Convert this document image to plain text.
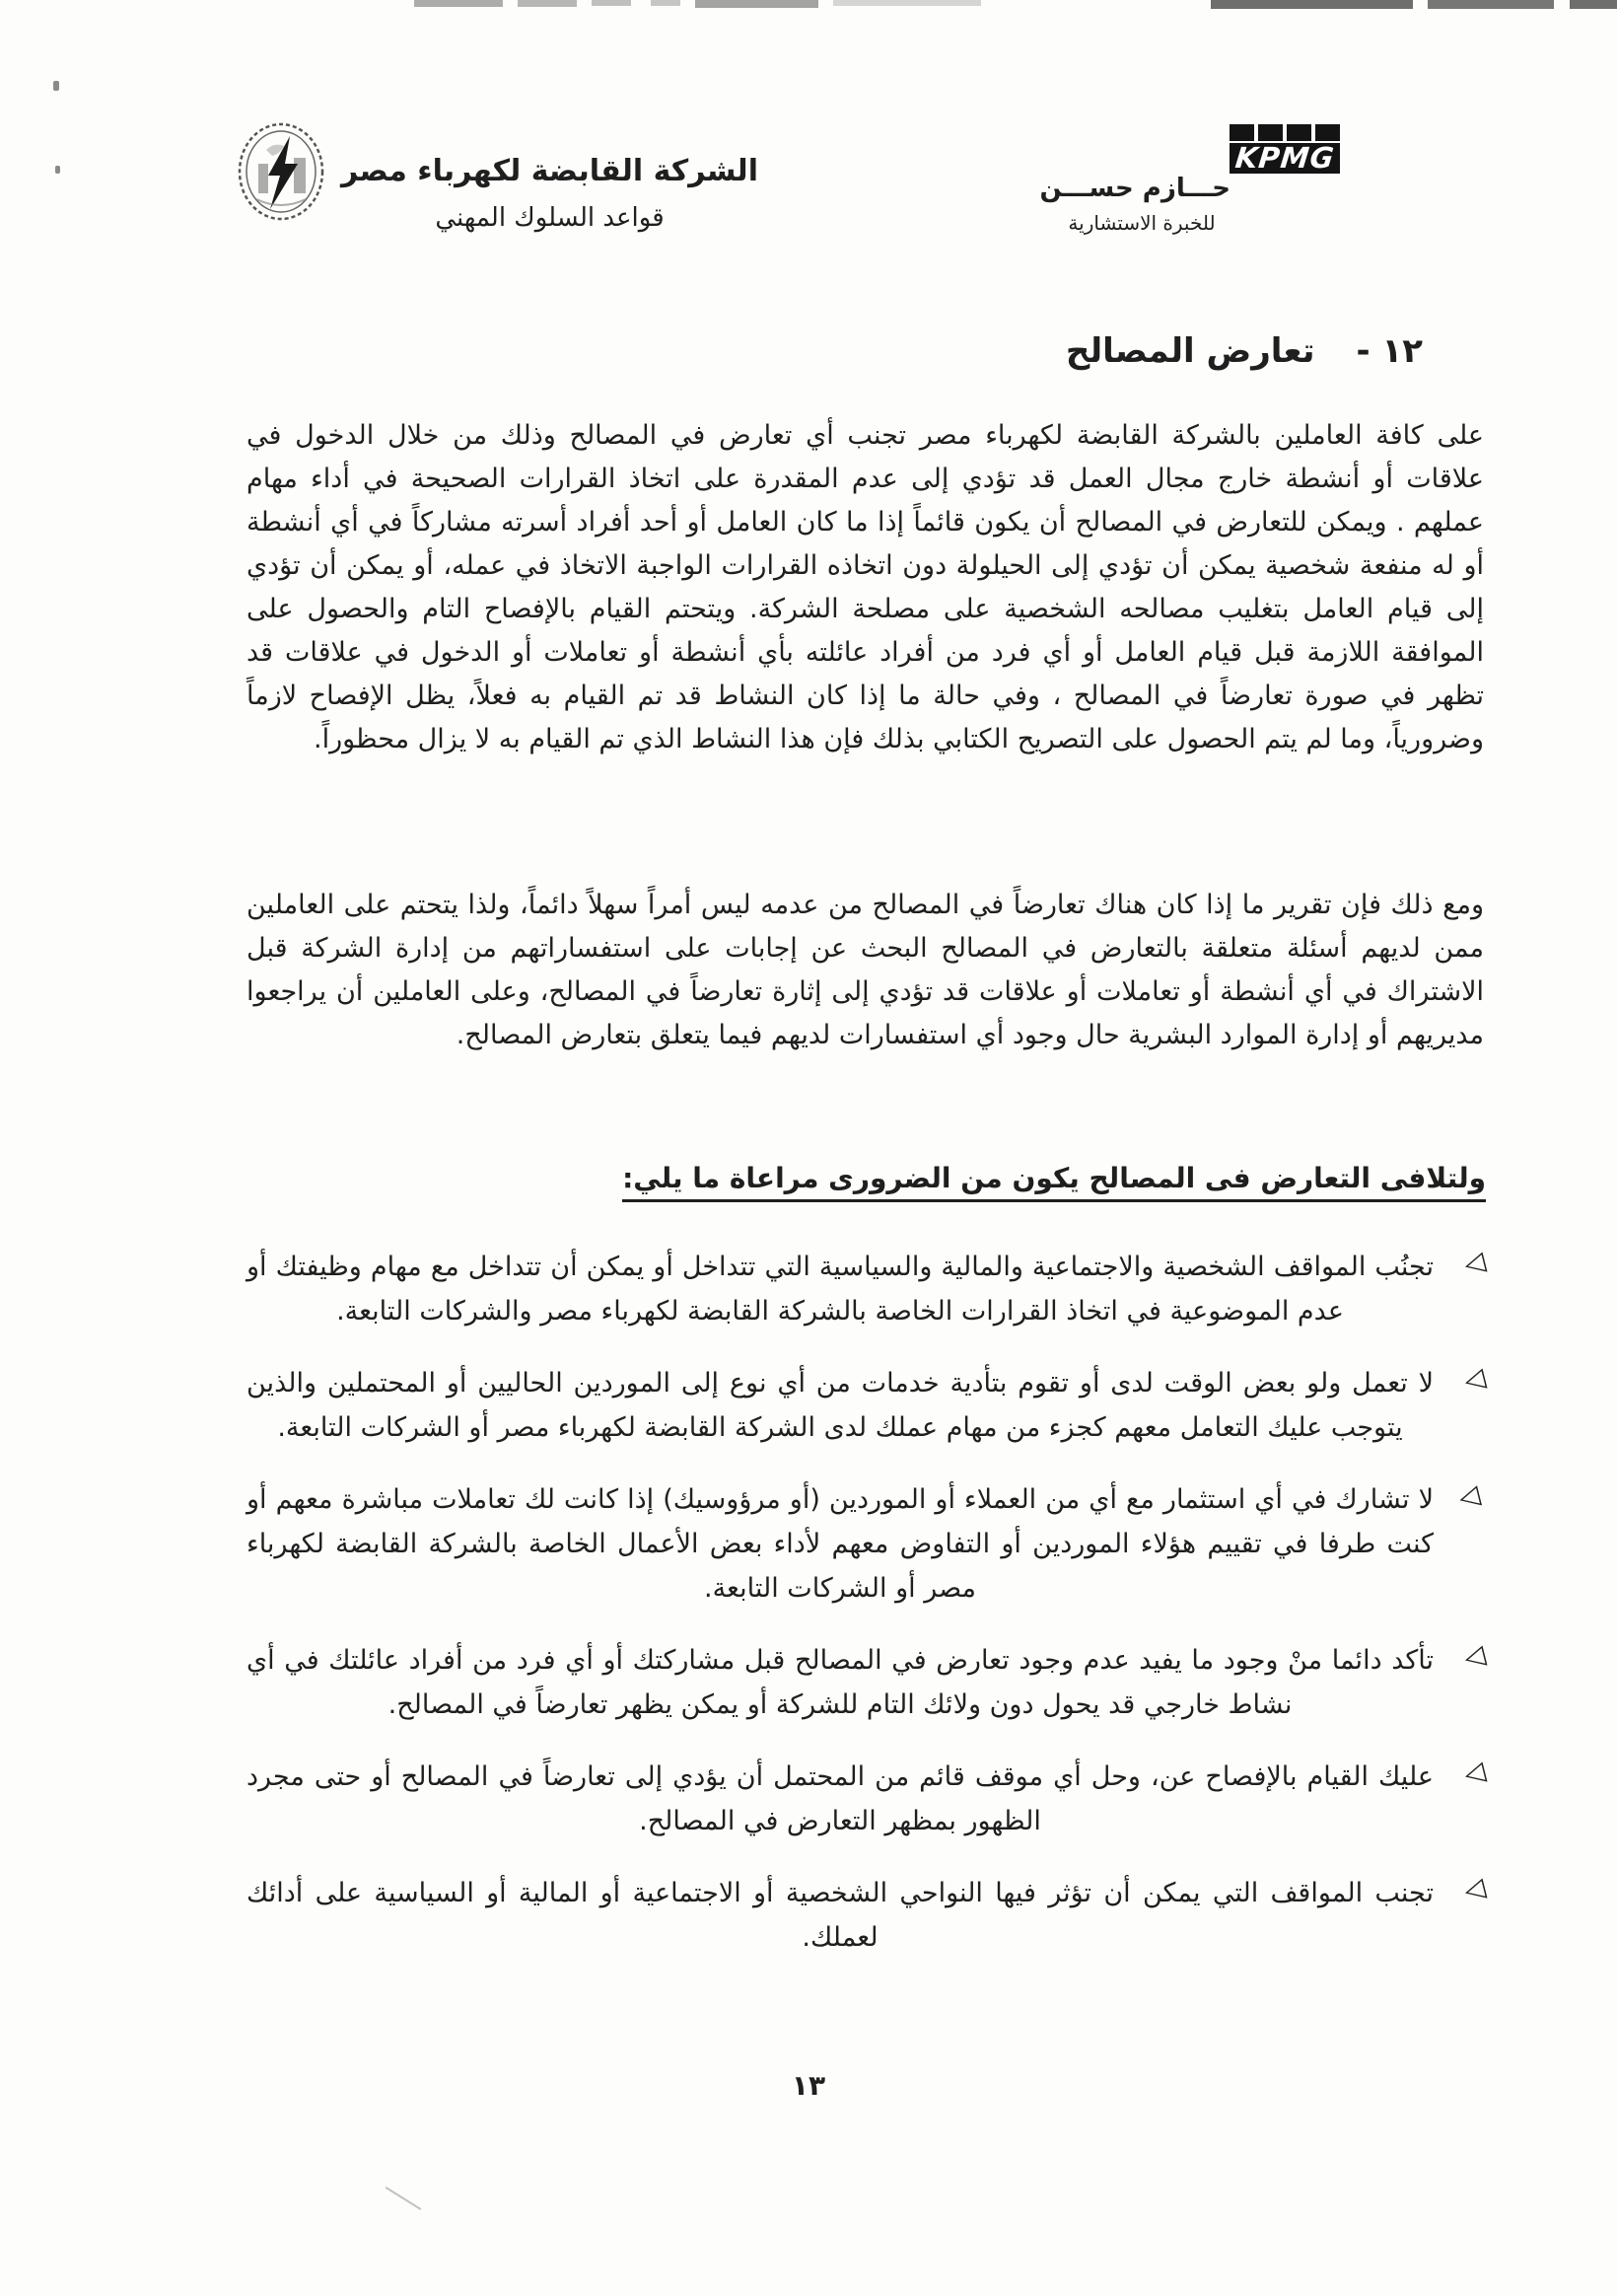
الشركة القابضة لكهرباء مصر
قواعد السلوك المهني
KPMG
حـــازم حســـن
للخبرة الاستشارية
١٢ -
تعارض المصالح
على كافة العاملين بالشركة القابضة لكهرباء مصر تجنب أي تعارض في المصالح وذلك من خلال الدخول في علاقات أو أنشطة خارج مجال العمل قد تؤدي إلى عدم المقدرة على اتخاذ القرارات الصحيحة في أداء مهام عملهم . ويمكن للتعارض في المصالح أن يكون قائماً إذا ما كان العامل أو أحد أفراد أسرته مشاركاً في أي أنشطة أو له منفعة شخصية يمكن أن تؤدي إلى الحيلولة دون اتخاذه القرارات الواجبة الاتخاذ في عمله، أو يمكن أن تؤدي إلى قيام العامل بتغليب مصالحه الشخصية على مصلحة الشركة. ويتحتم القيام بالإفصاح التام والحصول على الموافقة اللازمة قبل قيام العامل أو أي فرد من أفراد عائلته بأي أنشطة أو تعاملات أو الدخول في علاقات قد تظهر في صورة تعارضاً في المصالح ، وفي حالة ما إذا كان النشاط قد تم القيام به فعلاً، يظل الإفصاح لازماً وضرورياً، وما لم يتم الحصول على التصريح الكتابي بذلك فإن هذا النشاط الذي تم القيام به لا يزال محظوراً.
ومع ذلك فإن تقرير ما إذا كان هناك تعارضاً في المصالح من عدمه ليس أمراً سهلاً دائماً، ولذا يتحتم على العاملين ممن لديهم أسئلة متعلقة بالتعارض في المصالح البحث عن إجابات على استفساراتهم من إدارة الشركة قبل الاشتراك في أي أنشطة أو تعاملات أو علاقات قد تؤدي إلى إثارة تعارضاً في المصالح، وعلى العاملين أن يراجعوا مديريهم أو إدارة الموارد البشرية حال وجود أي استفسارات لديهم فيما يتعلق بتعارض المصالح.
ولتلافى التعارض فى المصالح يكون من الضرورى مراعاة ما يلي:
◁
تجنُب المواقف الشخصية والاجتماعية والمالية والسياسية التي تتداخل أو يمكن أن تتداخل مع مهام وظيفتك أو عدم الموضوعية في اتخاذ القرارات الخاصة بالشركة القابضة لكهرباء مصر والشركات التابعة.
◁
لا تعمل ولو بعض الوقت لدى أو تقوم بتأدية خدمات من أي نوع إلى الموردين الحاليين أو المحتملين والذين يتوجب عليك التعامل معهم كجزء من مهام عملك لدى الشركة القابضة لكهرباء مصر أو الشركات التابعة.
◁
لا تشارك في أي استثمار مع أي من العملاء أو الموردين (أو مرؤوسيك) إذا كانت لك تعاملات مباشرة معهم أو كنت طرفا في تقييم هؤلاء الموردين أو التفاوض معهم لأداء بعض الأعمال الخاصة بالشركة القابضة لكهرباء مصر أو الشركات التابعة.
◁
تأكد دائما منْ وجود ما يفيد عدم وجود تعارض في المصالح قبل مشاركتك أو أي فرد من أفراد عائلتك في أي نشاط خارجي قد يحول دون ولائك التام للشركة أو يمكن يظهر تعارضاً في المصالح.
◁
عليك القيام بالإفصاح عن، وحل أي موقف قائم من المحتمل أن يؤدي إلى تعارضاً في المصالح أو حتى مجرد الظهور بمظهر التعارض في المصالح.
◁
تجنب المواقف التي يمكن أن تؤثر فيها النواحي الشخصية أو الاجتماعية أو المالية أو السياسية على أدائك لعملك.
١٣
